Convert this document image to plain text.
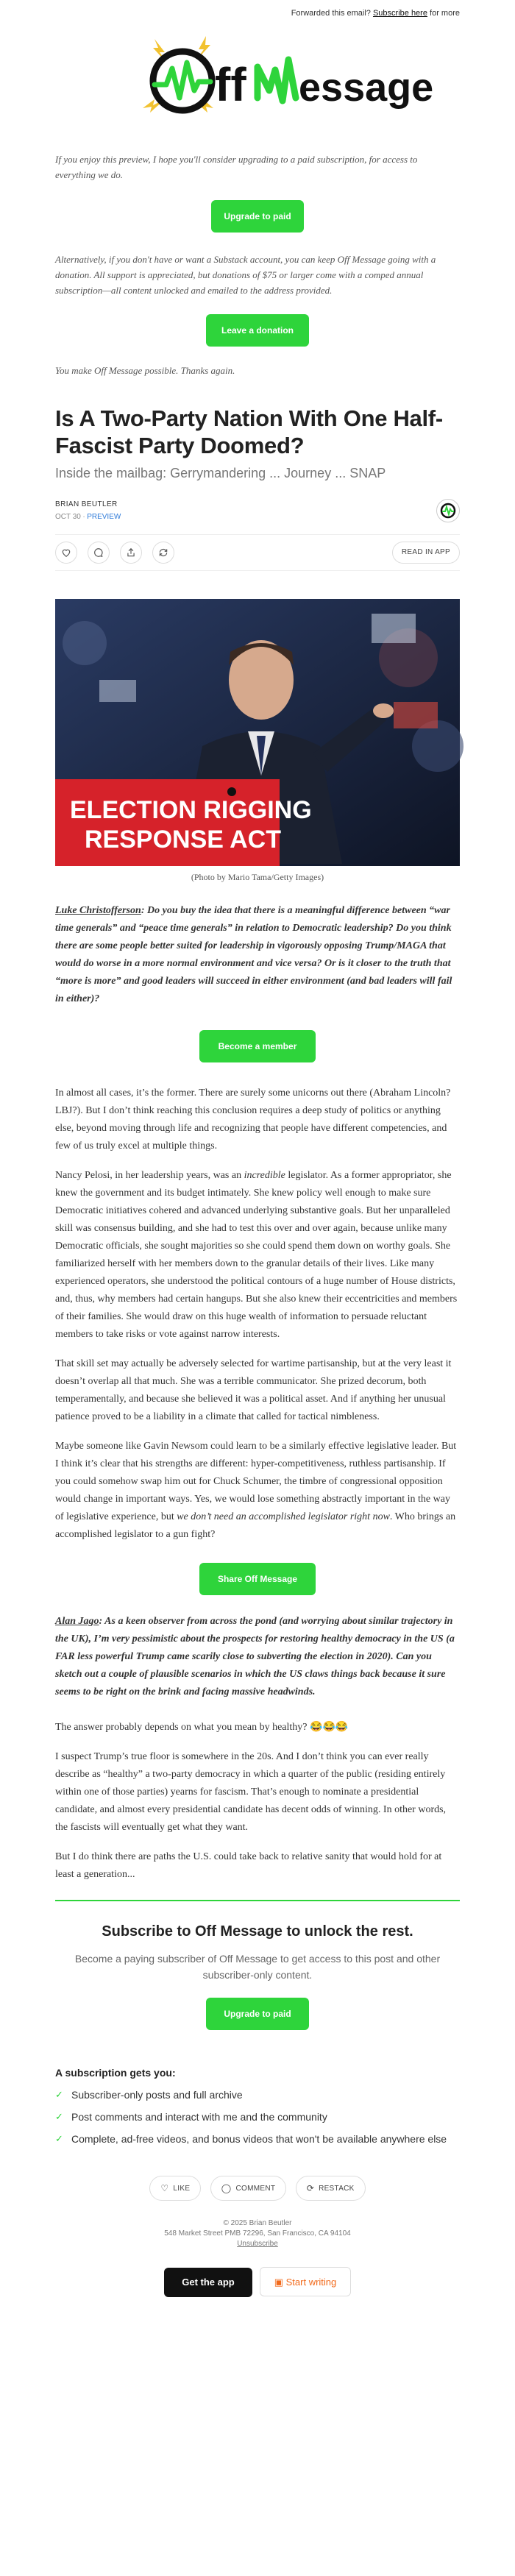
Forwarded this email? Subscribe here for more
ff essage

If you enjoy this preview, I hope you'll consider upgrading to a paid subscription, for access to everything we do.

Upgrade to paid

Alternatively, if you don't have or want a Substack account, you can keep Off Message going with a donation. All support is appreciated, but donations of $75 or larger come with a comped annual subscription—all content unlocked and emailed to the address provided.

Leave a donation

You make Off Message possible. Thanks again.

Is A Two-Party Nation With One Half-Fascist Party Doomed?
Inside the mailbag: Gerrymandering ... Journey ... SNAP
BRIAN BEUTLER
OCT 30 ∙ PREVIEW
READ IN APP
ELECTION RIGGING
RESPONSE ACT
(Photo by Mario Tama/Getty Images)

Luke Christofferson: Do you buy the idea that there is a meaningful difference between “war time generals” and “peace time generals” in relation to Democratic leadership? Do you think there are some people better suited for leadership in vigorously opposing Trump/MAGA that would do worse in a more normal environment and vice versa? Or is it closer to the truth that “more is more” and good leaders will succeed in either environment (and bad leaders will fail in either)?

Become a member

In almost all cases, it’s the former. There are surely some unicorns out there (Abraham Lincoln? LBJ?). But I don’t think reaching this conclusion requires a deep study of politics or anything else, beyond moving through life and recognizing that people have different competencies, and few of us truly excel at multiple things.

Nancy Pelosi, in her leadership years, was an incredible legislator. As a former appropriator, she knew the government and its budget intimately. She knew policy well enough to make sure Democratic initiatives cohered and advanced underlying substantive goals. But her unparalleled skill was consensus building, and she had to test this over and over again, because unlike many Democratic officials, she sought majorities so she could spend them down on worthy goals. She familiarized herself with her members down to the granular details of their lives. Like many experienced operators, she understood the political contours of a huge number of House districts, and, thus, why members had certain hangups. But she also knew their eccentricities and members of their families. She would draw on this huge wealth of information to persuade reluctant members to take risks or vote against narrow interests.

That skill set may actually be adversely selected for wartime partisanship, but at the very least it doesn’t overlap all that much. She was a terrible communicator. She prized decorum, both temperamentally, and because she believed it was a political asset. And if anything her unusual patience proved to be a liability in a climate that called for tactical nimbleness.

Maybe someone like Gavin Newsom could learn to be a similarly effective legislative leader. But I think it’s clear that his strengths are different: hyper-competitiveness, ruthless partisanship. If you could somehow swap him out for Chuck Schumer, the timbre of congressional opposition would change in important ways. Yes, we would lose something abstractly important in the way of legislative experience, but we don’t need an accomplished legislator right now. Who brings an accomplished legislator to a gun fight?

Share Off Message

Alan Jago: As a keen observer from across the pond (and worrying about similar trajectory in the UK), I’m very pessimistic about the prospects for restoring healthy democracy in the US (a FAR less powerful Trump came scarily close to subverting the election in 2020). Can you sketch out a couple of plausible scenarios in which the US claws things back because it sure seems to be right on the brink and facing massive headwinds.

The answer probably depends on what you mean by healthy? 😂😂😂

I suspect Trump’s true floor is somewhere in the 20s. And I don’t think you can ever really describe as “healthy” a two-party democracy in which a quarter of the public (residing entirely within one of those parties) yearns for fascism. That’s enough to nominate a presidential candidate, and almost every presidential candidate has decent odds of winning. In other words, the fascists will eventually get what they want.

But I do think there are paths the U.S. could take back to relative sanity that would hold for at least a generation...

Subscribe to Off Message to unlock the rest.

Become a paying subscriber of Off Message to get access to this post and other subscriber-only content.

Upgrade to paid
A subscription gets you:
✓ Subscriber-only posts and full archive
✓ Post comments and interact with me and the community
✓ Complete, ad-free videos, and bonus videos that won't be available anywhere else
♡ LIKE
	◯ COMMENT
	⟳ RESTACK
© 2025 Brian Beutler
548 Market Street PMB 72296, San Francisco, CA 94104
Unsubscribe
Get the app	▣ Start writing
